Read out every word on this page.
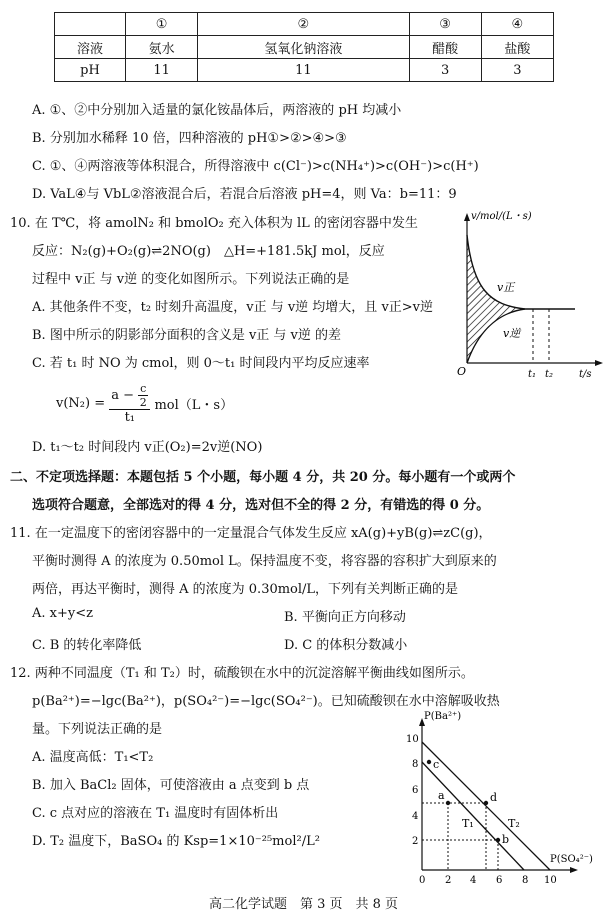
	①	②	③	④
溶液	氨水	氢氧化钠溶液	醋酸	盐酸
pH	11	11	3	3
A. ①、②中分别加入适量的氯化铵晶体后，两溶液的 pH 均减小
B. 分别加水稀释 10 倍，四种溶液的 pH①>②>④>③
C. ①、④两溶液等体积混合，所得溶液中 c(Cl⁻)>c(NH₄⁺)>c(OH⁻)>c(H⁺)
D. VaL④与 VbL②溶液混合后，若混合后溶液 pH=4，则 Va：b=11：9
10. 在 T℃，将 amolN₂ 和 bmolO₂ 充入体积为 lL 的密闭容器中发生
反应：N₂(g)+O₂(g)⇌2NO(g)　△H=+181.5kJ mol，反应
过程中 v正 与 v逆 的变化如图所示。下列说法正确的是
A. 其他条件不变，t₂ 时刻升高温度，v正 与 v逆 均增大，且 v正>v逆
B. 图中所示的阴影部分面积的含义是 v正 与 v逆 的差
C. 若 t₁ 时 NO 为 cmol，则 0～t₁ 时间段内平均反应速率
$v(N_2) = \frac{a - \frac{c}{2}}{\text{t₁}} mol(L$・s）
D. t₁～t₂ 时间段内 v正(O₂)=2v逆(NO)
v正
v逆
v/mol/(L・s)
O	t₁ t₂	t/s
二、不定项选择题：本题包括 5 个小题，每小题 4 分，共 20 分。每小题有一个或两个
选项符合题意，全部选对的得 4 分，选对但不全的得 2 分，有错选的得 0 分。
11. 在一定温度下的密闭容器中的一定量混合气体发生反应 xA(g)+yB(g)⇌zC(g)，
平衡时测得 A 的浓度为 0.50mol L。保持温度不变，将容器的容积扩大到原来的
两倍，再达平衡时，测得 A 的浓度为 0.30mol/L，下列有关判断正确的是
A. x+y<z	B. 平衡向正方向移动
C. B 的转化率降低	D. C 的体积分数减小
12. 两种不同温度（T₁ 和 T₂）时，硫酸钡在水中的沉淀溶解平衡曲线如图所示。
p(Ba²⁺)=−lgc(Ba²⁺)，p(SO₄²⁻)=−lgc(SO₄²⁻)。已知硫酸钡在水中溶解吸收热
量。下列说法正确的是
A. 温度高低：T₁<T₂
B. 加入 BaCl₂ 固体，可使溶液由 a 点变到 b 点
C. c 点对应的溶液在 T₁ 温度时有固体析出
D. T₂ 温度下，BaSO₄ 的 Ksp=1×10⁻²⁵mol²/L²
a	d
b
c
T₁	T₂
P(Ba²⁺)
P(SO₄²⁻)
0 2 4 6 8 10
2
4
6
8
10
高二化学试题　第 3 页　共 8 页
